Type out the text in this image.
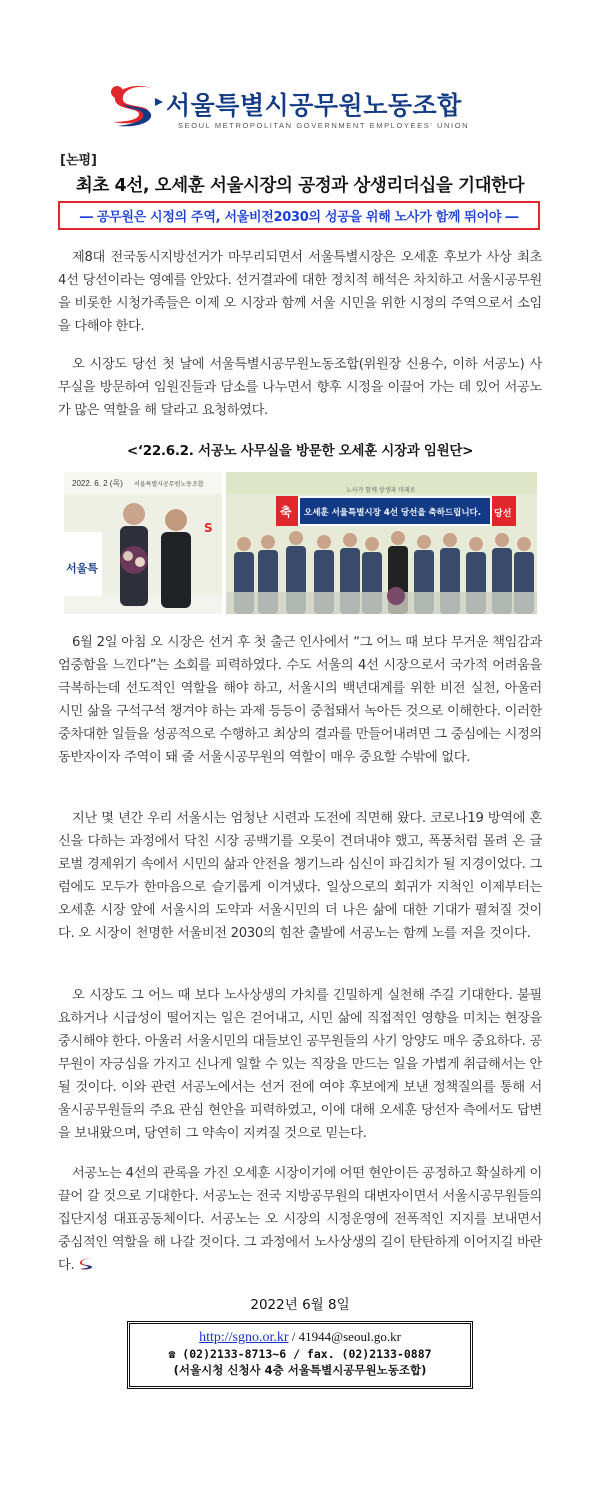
서울특별시공무원노동조합
SEOUL METROPOLITAN GOVERNMENT EMPLOYEES' UNION
[논평]
최초 4선, 오세훈 서울시장의 공정과 상생리더십을 기대한다
― 공무원은 시정의 주역, 서울비전2030의 성공을 위해 노사가 함께 뛰어야 ―

제8대 전국동시지방선거가 마무리되면서 서울특별시장은 오세훈 후보가 사상 최초 4선 당선이라는 영예를 안았다. 선거결과에 대한 정치적 해석은 차치하고 서울시공무원을 비롯한 시청가족들은 이제 오 시장과 함께 서울 시민을 위한 시정의 주역으로서 소임을 다해야 한다.

오 시장도 당선 첫 날에 서울특별시공무원노동조합(위원장 신용수, 이하 서공노) 사무실을 방문하여 임원진들과 담소를 나누면서 향후 시정을 이끌어 가는 데 있어 서공노가 많은 역할을 해 달라고 요청하였다.

<‘22.6.2. 서공노 사무실을 방문한 오세훈 시장과 임원단>
2022. 6. 2 (목) 서울특별시공무원노동조합
서울특
S
노사가 함께 상생과 미래로
축 오세훈 서울특별시장 4선 당선을 축하드립니다. 당선

6월 2일 아침 오 시장은 선거 후 첫 출근 인사에서 “그 어느 때 보다 무거운 책임감과 엄중함을 느낀다”는 소회를 피력하였다. 수도 서울의 4선 시장으로서 국가적 어려움을 극복하는데 선도적인 역할을 해야 하고, 서울시의 백년대계를 위한 비전 실천, 아울러 시민 삶을 구석구석 챙겨야 하는 과제 등등이 중첩돼서 녹아든 것으로 이해한다. 이러한 중차대한 일들을 성공적으로 수행하고 최상의 결과를 만들어내려면 그 중심에는 시정의 동반자이자 주역이 돼 줄 서울시공무원의 역할이 매우 중요할 수밖에 없다.

지난 몇 년간 우리 서울시는 엄청난 시련과 도전에 직면해 왔다. 코로나19 방역에 혼신을 다하는 과정에서 닥친 시장 공백기를 오롯이 견뎌내야 했고, 폭풍처럼 몰려 온 글로벌 경제위기 속에서 시민의 삶과 안전을 챙기느라 심신이 파김치가 될 지경이었다. 그럼에도 모두가 한마음으로 슬기롭게 이겨냈다. 일상으로의 회귀가 지척인 이제부터는 오세훈 시장 앞에 서울시의 도약과 서울시민의 더 나은 삶에 대한 기대가 펼쳐질 것이다. 오 시장이 천명한 서울비전 2030의 힘찬 출발에 서공노는 함께 노를 저을 것이다.

오 시장도 그 어느 때 보다 노사상생의 가치를 긴밀하게 실천해 주길 기대한다. 불필요하거나 시급성이 떨어지는 일은 걷어내고, 시민 삶에 직접적인 영향을 미치는 현장을 중시해야 한다. 아울러 서울시민의 대들보인 공무원들의 사기 앙양도 매우 중요하다. 공무원이 자긍심을 가지고 신나게 일할 수 있는 직장을 만드는 일을 가볍게 취급해서는 안 될 것이다. 이와 관련 서공노에서는 선거 전에 여야 후보에게 보낸 정책질의를 통해 서울시공무원들의 주요 관심 현안을 피력하였고, 이에 대해 오세훈 당선자 측에서도 답변을 보내왔으며, 당연히 그 약속이 지켜질 것으로 믿는다.

서공노는 4선의 관록을 가진 오세훈 시장이기에 어떤 현안이든 공정하고 확실하게 이끌어 갈 것으로 기대한다. 서공노는 전국 지방공무원의 대변자이면서 서울시공무원들의 집단지성 대표공동체이다. 서공노는 오 시장의 시정운영에 전폭적인 지지를 보내면서 중심적인 역할을 해 나갈 것이다. 그 과정에서 노사상생의 길이 탄탄하게 이어지길 바란다.

2022년 6월 8일
http://sgno.or.kr / 41944@seoul.go.kr
☎ (02)2133-8713~6 / fax. (02)2133-0887
(서울시청 신청사 4층 서울특별시공무원노동조합)
